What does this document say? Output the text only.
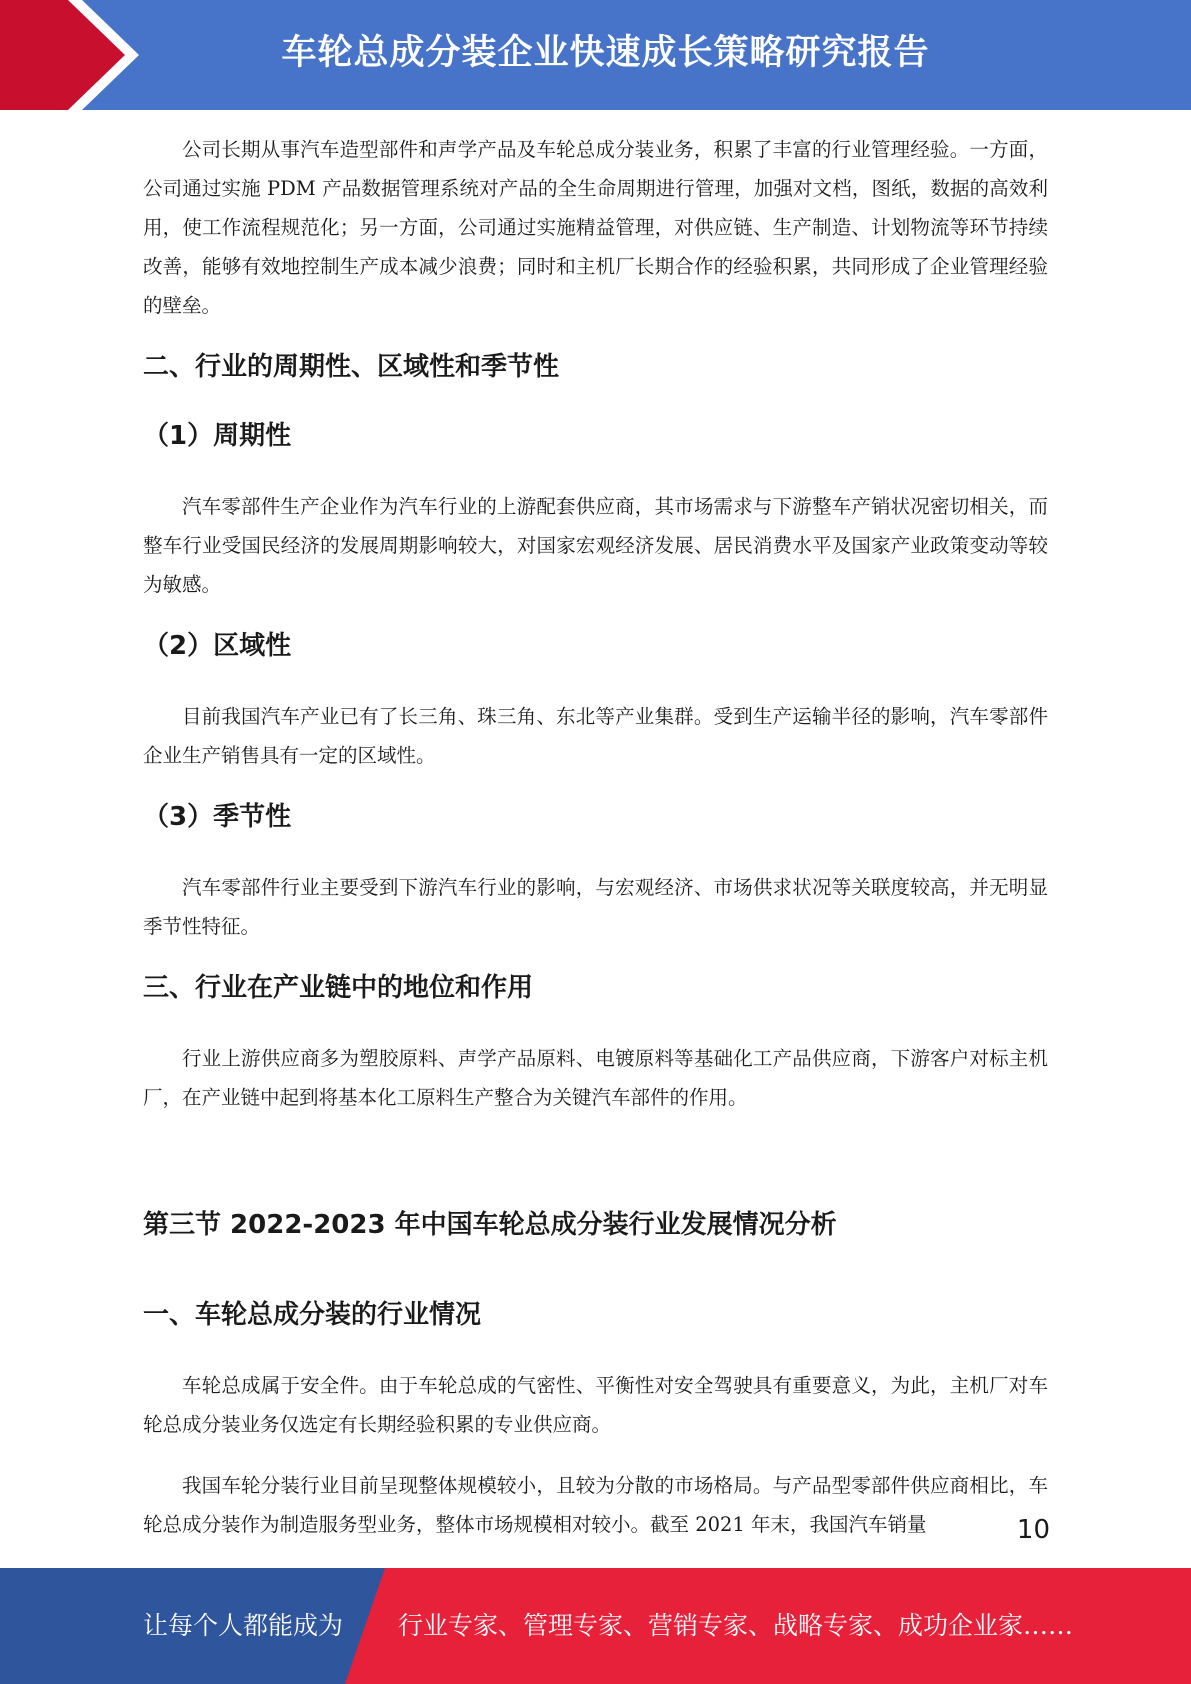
车轮总成分装企业快速成长策略研究报告

公司长期从事汽车造型部件和声学产品及车轮总成分装业务，积累了丰富的行业管理经验。一方面，公司通过实施 PDM 产品数据管理系统对产品的全生命周期进行管理，加强对文档，图纸，数据的高效利用，使工作流程规范化；另一方面，公司通过实施精益管理，对供应链、生产制造、计划物流等环节持续改善，能够有效地控制生产成本减少浪费；同时和主机厂长期合作的经验积累，共同形成了企业管理经验的壁垒。

二、行业的周期性、区域性和季节性
（1）周期性

汽车零部件生产企业作为汽车行业的上游配套供应商，其市场需求与下游整车产销状况密切相关，而整车行业受国民经济的发展周期影响较大，对国家宏观经济发展、居民消费水平及国家产业政策变动等较为敏感。

（2）区域性

目前我国汽车产业已有了长三角、珠三角、东北等产业集群。受到生产运输半径的影响，汽车零部件企业生产销售具有一定的区域性。

（3）季节性

汽车零部件行业主要受到下游汽车行业的影响，与宏观经济、市场供求状况等关联度较高，并无明显季节性特征。

三、行业在产业链中的地位和作用

行业上游供应商多为塑胶原料、声学产品原料、电镀原料等基础化工产品供应商，下游客户对标主机厂，在产业链中起到将基本化工原料生产整合为关键汽车部件的作用。

第三节 2022-2023 年中国车轮总成分装行业发展情况分析
一、车轮总成分装的行业情况

车轮总成属于安全件。由于车轮总成的气密性、平衡性对安全驾驶具有重要意义，为此，主机厂对车轮总成分装业务仅选定有长期经验积累的专业供应商。

我国车轮分装行业目前呈现整体规模较小，且较为分散的市场格局。与产品型零部件供应商相比，车轮总成分装作为制造服务型业务，整体市场规模相对较小。截至 2021 年末，我国汽车销量	10
让每个人都能成为 行业专家、管理专家、营销专家、战略专家、成功企业家……
